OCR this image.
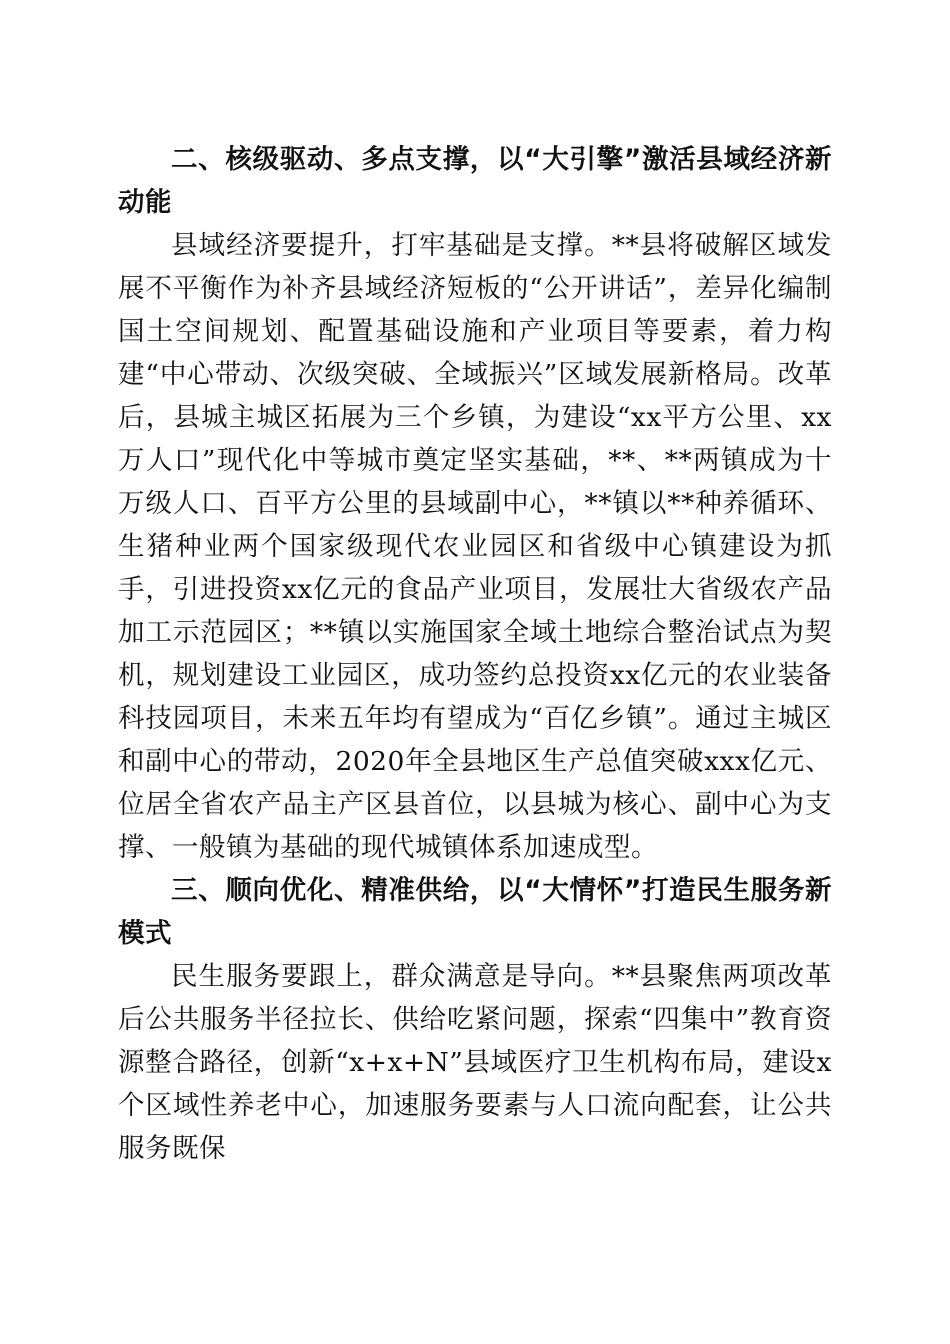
二、核级驱动、多点支撑，以“大引擎”激活县域经济新动能

县域经济要提升，打牢基础是支撑。**县将破解区域发展不平衡作为补齐县域经济短板的“公开讲话”，差异化编制国土空间规划、配置基础设施和产业项目等要素，着力构建“中心带动、次级突破、全域振兴”区域发展新格局。改革后，县城主城区拓展为三个乡镇，为建设“xx平方公里、xx万人口”现代化中等城市奠定坚实基础，**、**两镇成为十万级人口、百平方公里的县域副中心，**镇以**种养循环、生猪种业两个国家级现代农业园区和省级中心镇建设为抓手，引进投资xx亿元的食品产业项目，发展壮大省级农产品加工示范园区；**镇以实施国家全域土地综合整治试点为契机，规划建设工业园区，成功签约总投资xx亿元的农业装备科技园项目，未来五年均有望成为“百亿乡镇”。通过主城区和副中心的带动，2020年全县地区生产总值突破xxx亿元、位居全省农产品主产区县首位，以县城为核心、副中心为支撑、一般镇为基础的现代城镇体系加速成型。

三、顺向优化、精准供给，以“大情怀”打造民生服务新模式

民生服务要跟上，群众满意是导向。**县聚焦两项改革后公共服务半径拉长、供给吃紧问题，探索“四集中”教育资源整合路径，创新“x+x+N”县域医疗卫生机构布局，建设x个区域性养老中心，加速服务要素与人口流向配套，让公共服务既保
